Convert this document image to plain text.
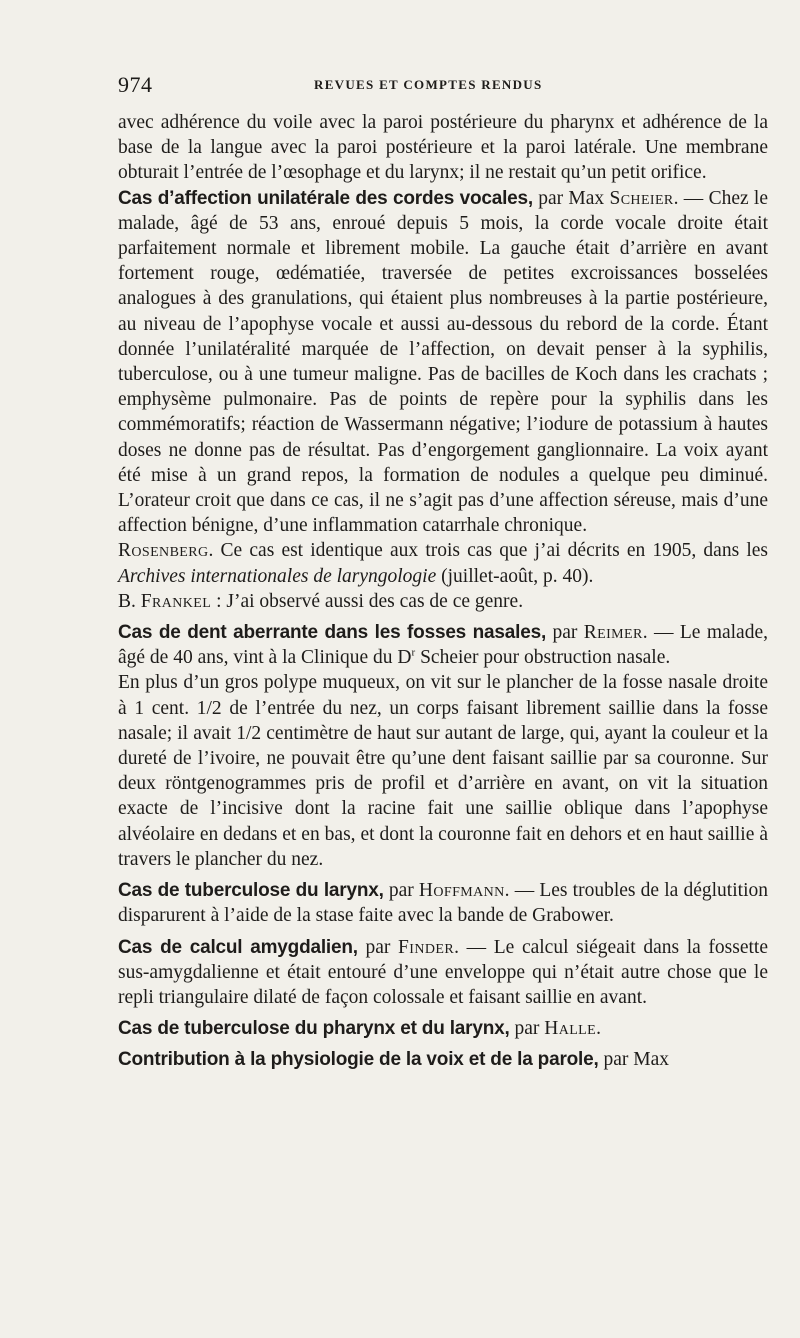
974	REVUES ET COMPTES RENDUS

avec adhérence du voile avec la paroi postérieure du pharynx et adhérence de la base de la langue avec la paroi postérieure et la paroi latérale. Une membrane obturait l’entrée de l’œsophage et du larynx; il ne restait qu’un petit orifice.

Cas d’affection unilatérale des cordes vocales, par Max Scheier. — Chez le malade, âgé de 53 ans, enroué depuis 5 mois, la corde vocale droite était parfaitement normale et librement mobile. La gauche était d’arrière en avant fortement rouge, œdématiée, traversée de petites excroissances bosselées analogues à des granulations, qui étaient plus nombreuses à la partie postérieure, au niveau de l’apophyse vocale et aussi au-dessous du rebord de la corde. Étant donnée l’unilatéralité marquée de l’affection, on devait penser à la syphilis, tuberculose, ou à une tumeur maligne. Pas de bacilles de Koch dans les crachats ; emphysème pulmonaire. Pas de points de repère pour la syphilis dans les commémoratifs; réaction de Wassermann négative; l’iodure de potassium à hautes doses ne donne pas de résultat. Pas d’engorgement ganglionnaire. La voix ayant été mise à un grand repos, la formation de nodules a quelque peu diminué. L’orateur croit que dans ce cas, il ne s’agit pas d’une affection séreuse, mais d’une affection bénigne, d’une inflammation catarrhale chronique.

Rosenberg. Ce cas est identique aux trois cas que j’ai décrits en 1905, dans les Archives internationales de laryngologie (juillet-août, p. 40).

B. Frankel : J’ai observé aussi des cas de ce genre.

Cas de dent aberrante dans les fosses nasales, par Reimer. — Le malade, âgé de 40 ans, vint à la Clinique du $D^r$ Scheier pour obstruction nasale.

En plus d’un gros polype muqueux, on vit sur le plancher de la fosse nasale droite à 1 cent. 1/2 de l’entrée du nez, un corps faisant librement saillie dans la fosse nasale; il avait 1/2 centimètre de haut sur autant de large, qui, ayant la couleur et la dureté de l’ivoire, ne pouvait être qu’une dent faisant saillie par sa couronne. Sur deux röntgenogrammes pris de profil et d’arrière en avant, on vit la situation exacte de l’incisive dont la racine fait une saillie oblique dans l’apophyse alvéolaire en dedans et en bas, et dont la couronne fait en dehors et en haut saillie à travers le plancher du nez.

Cas de tuberculose du larynx, par Hoffmann. — Les troubles de la déglutition disparurent à l’aide de la stase faite avec la bande de Grabower.

Cas de calcul amygdalien, par Finder. — Le calcul siégeait dans la fossette sus-amygdalienne et était entouré d’une enveloppe qui n’était autre chose que le repli triangulaire dilaté de façon colossale et faisant saillie en avant.

Cas de tuberculose du pharynx et du larynx, par Halle.

Contribution à la physiologie de la voix et de la parole, par Max
